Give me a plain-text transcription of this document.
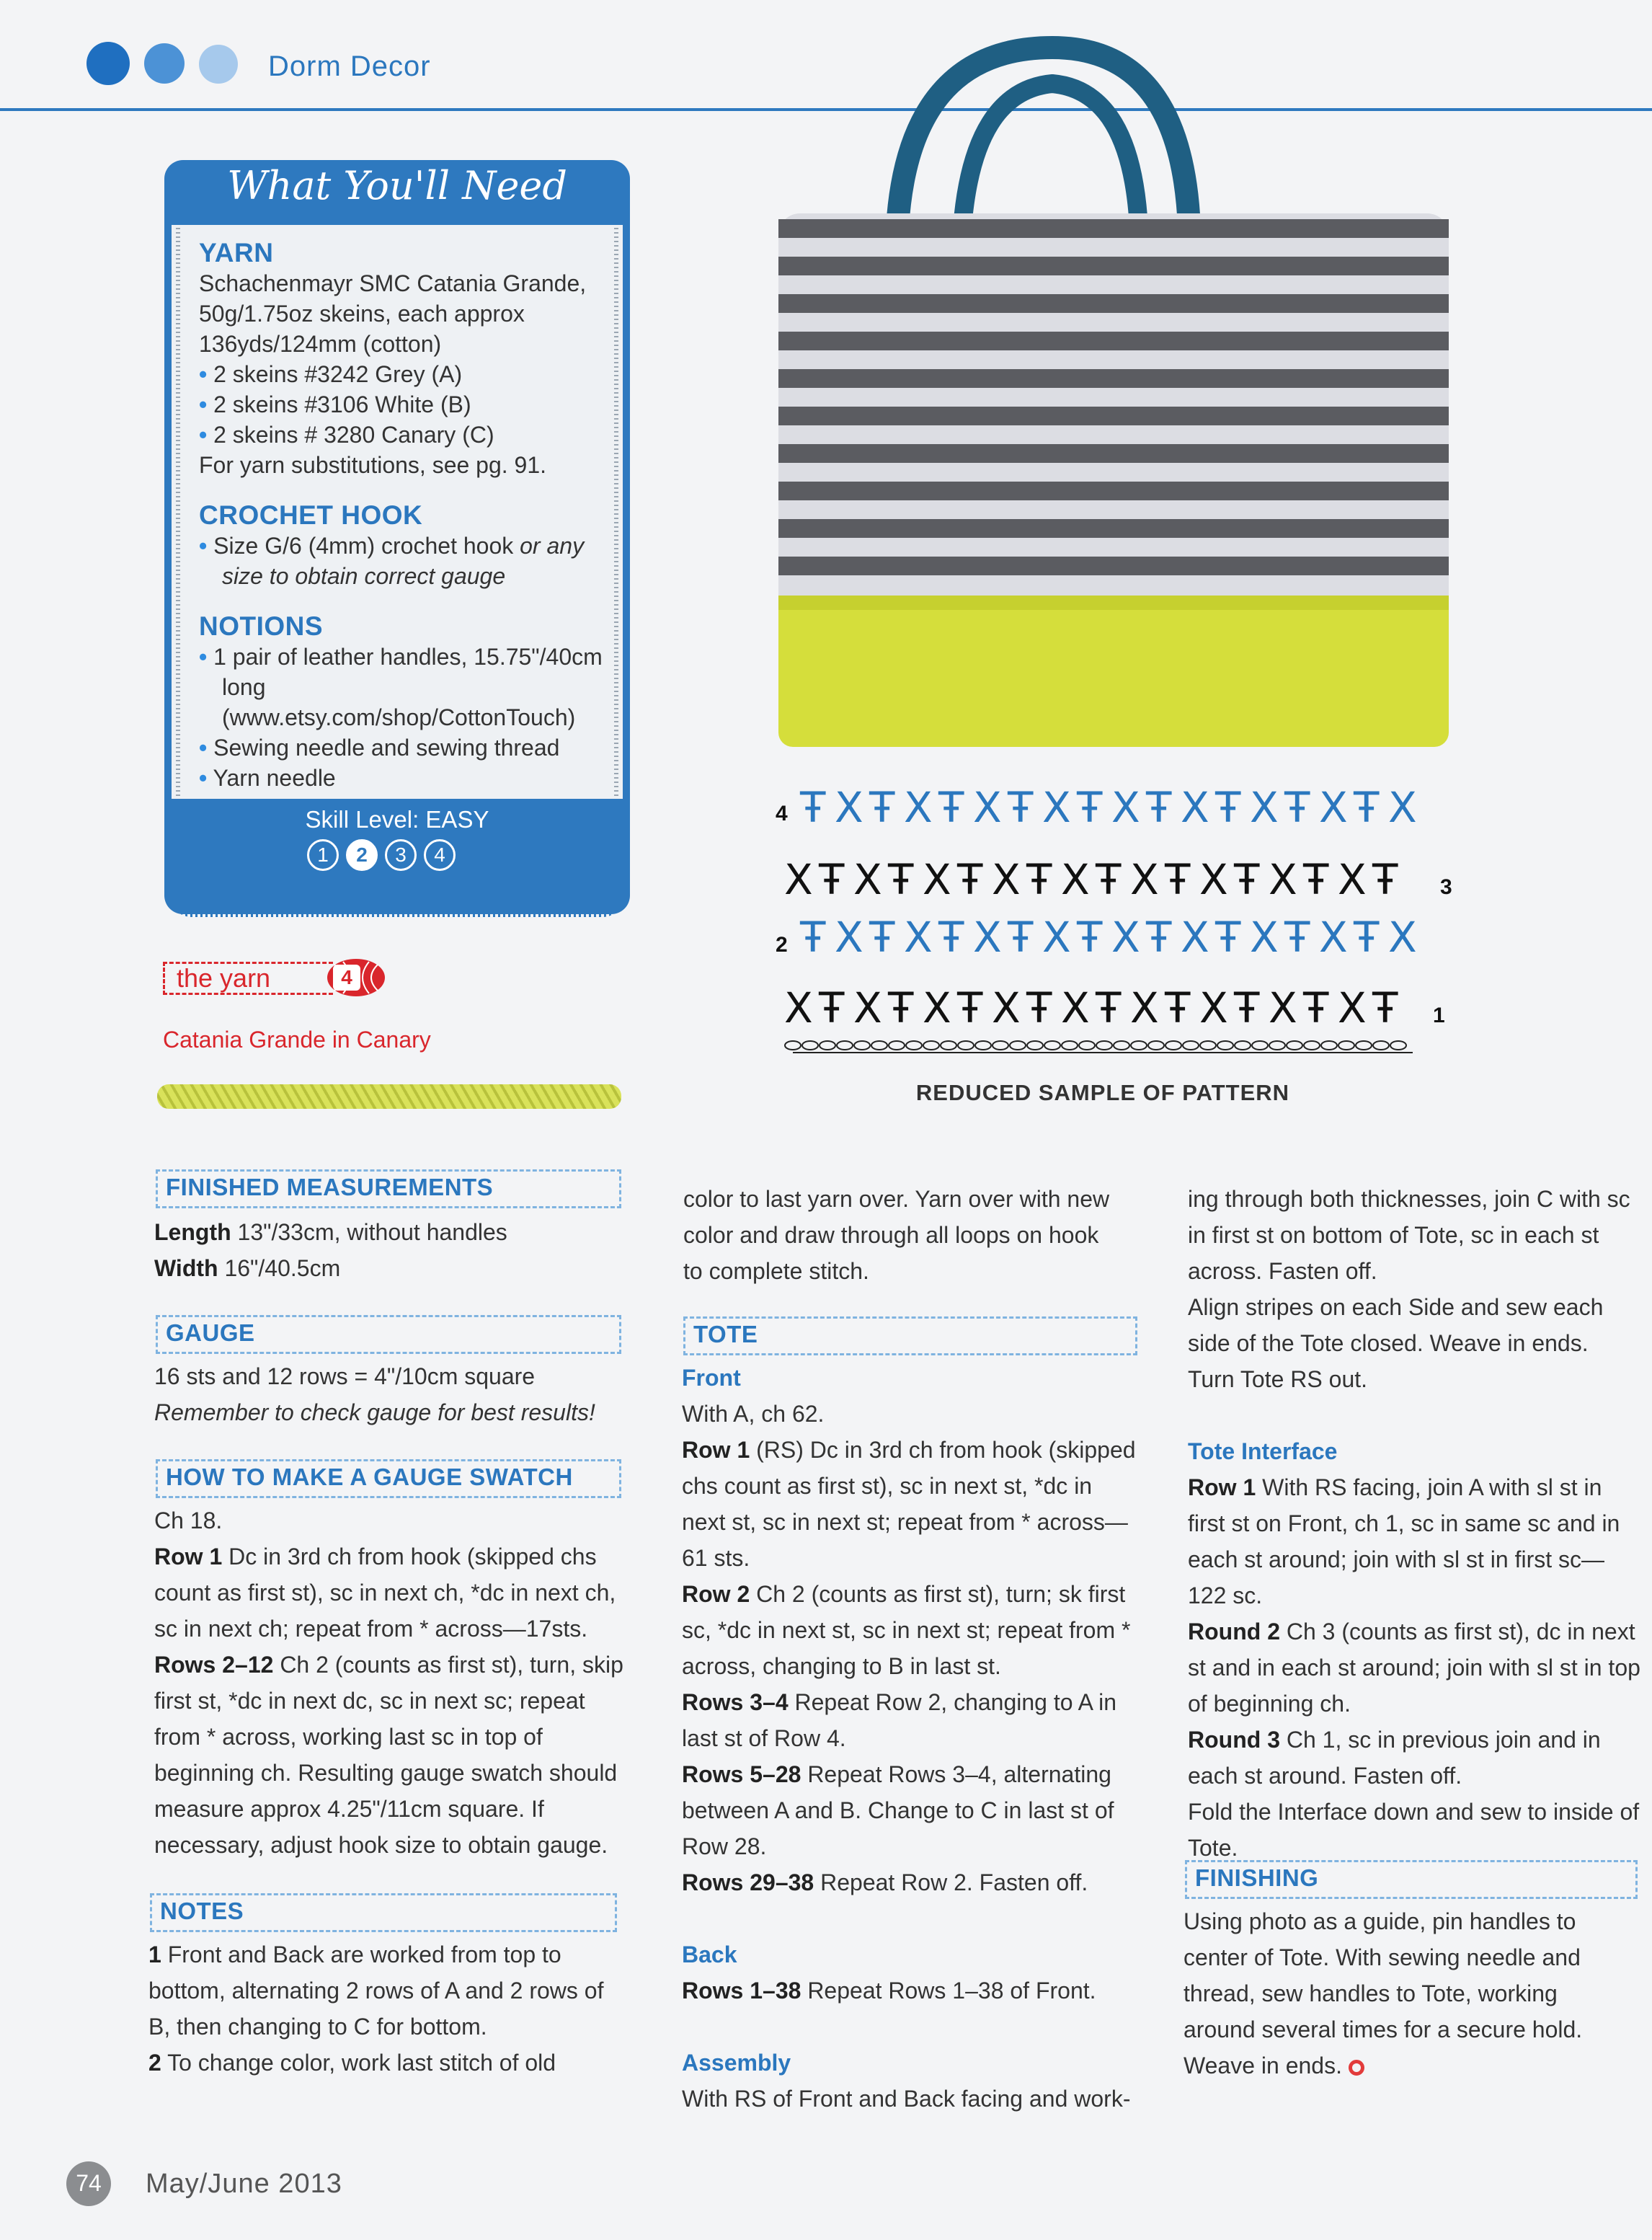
Dorm Decor
What You'll Need
YARN
Schachenmayr SMC Catania Grande,
50g/1.75oz skeins, each approx
136yds/124mm (cotton)
• 2 skeins #3242 Grey (A)
• 2 skeins #3106 White (B)
• 2 skeins # 3280 Canary (C)
For yarn substitutions, see pg. 91.
CROCHET HOOK
• Size G/6 (4mm) crochet hook or any
size to obtain correct gauge
NOTIONS
• 1 pair of leather handles, 15.75"/40cm
long (www.etsy.com/shop/CottonTouch)
• Sewing needle and sewing thread
• Yarn needle
Skill Level: EASY
1	2	3	4
the yarn	4
Catania Grande in Canary
X Ŧ X Ŧ X Ŧ X Ŧ X Ŧ X Ŧ X Ŧ X Ŧ X Ŧ
Ŧ X Ŧ X Ŧ X Ŧ X Ŧ X Ŧ X Ŧ X Ŧ X Ŧ X
X Ŧ X Ŧ X Ŧ X Ŧ X Ŧ X Ŧ X Ŧ X Ŧ X Ŧ
Ŧ X Ŧ X Ŧ X Ŧ X Ŧ X Ŧ X Ŧ X Ŧ X Ŧ X
4
3
2
1
REDUCED SAMPLE OF PATTERN
FINISHED MEASUREMENTS

Length 13"/33cm, without handles

Width 16"/40.5cm

GAUGE

16 sts and 12 rows = 4"/10cm square

Remember to check gauge for best results!

HOW TO MAKE A GAUGE SWATCH

Ch 18.

Row 1 Dc in 3rd ch from hook (skipped chs count as first st), sc in next ch, *dc in next ch, sc in next ch; repeat from * across—17sts.

Rows 2–12 Ch 2 (counts as first st), turn, skip first st, *dc in next dc, sc in next sc; repeat from * across, working last sc in top of beginning ch. Resulting gauge swatch should measure approx 4.25"/11cm square. If necessary, adjust hook size to obtain gauge.

NOTES

1 Front and Back are worked from top to bottom, alternating 2 rows of A and 2 rows of B, then changing to C for bottom.

2 To change color, work last stitch of old

color to last yarn over. Yarn over with new color and draw through all loops on hook to complete stitch.

TOTE

Front

With A, ch 62.

Row 1 (RS) Dc in 3rd ch from hook (skipped chs count as first st), sc in next st, *dc in next st, sc in next st; repeat from * across—61 sts.

Row 2 Ch 2 (counts as first st), turn; sk first sc, *dc in next st, sc in next st; repeat from * across, changing to B in last st.

Rows 3–4 Repeat Row 2, changing to A in last st of Row 4.

Rows 5–28 Repeat Rows 3–4, alternating between A and B. Change to C in last st of Row 28.

Rows 29–38 Repeat Row 2. Fasten off.

Back

Rows 1–38 Repeat Rows 1–38 of Front.

Assembly

With RS of Front and Back facing and work-

ing through both thicknesses, join C with sc in first st on bottom of Tote, sc in each st across. Fasten off.

Align stripes on each Side and sew each side of the Tote closed. Weave in ends.

Turn Tote RS out.

Tote Interface

Row 1 With RS facing, join A with sl st in first st on Front, ch 1, sc in same sc and in each st around; join with sl st in first sc—122 sc.

Round 2 Ch 3 (counts as first st), dc in next st and in each st around; join with sl st in top of beginning ch.

Round 3 Ch 1, sc in previous join and in each st around. Fasten off.

Fold the Interface down and sew to inside of Tote.

FINISHING

Using photo as a guide, pin handles to center of Tote. With sewing needle and thread, sew handles to Tote, working around several times for a secure hold. Weave in ends.

74	May/June 2013
